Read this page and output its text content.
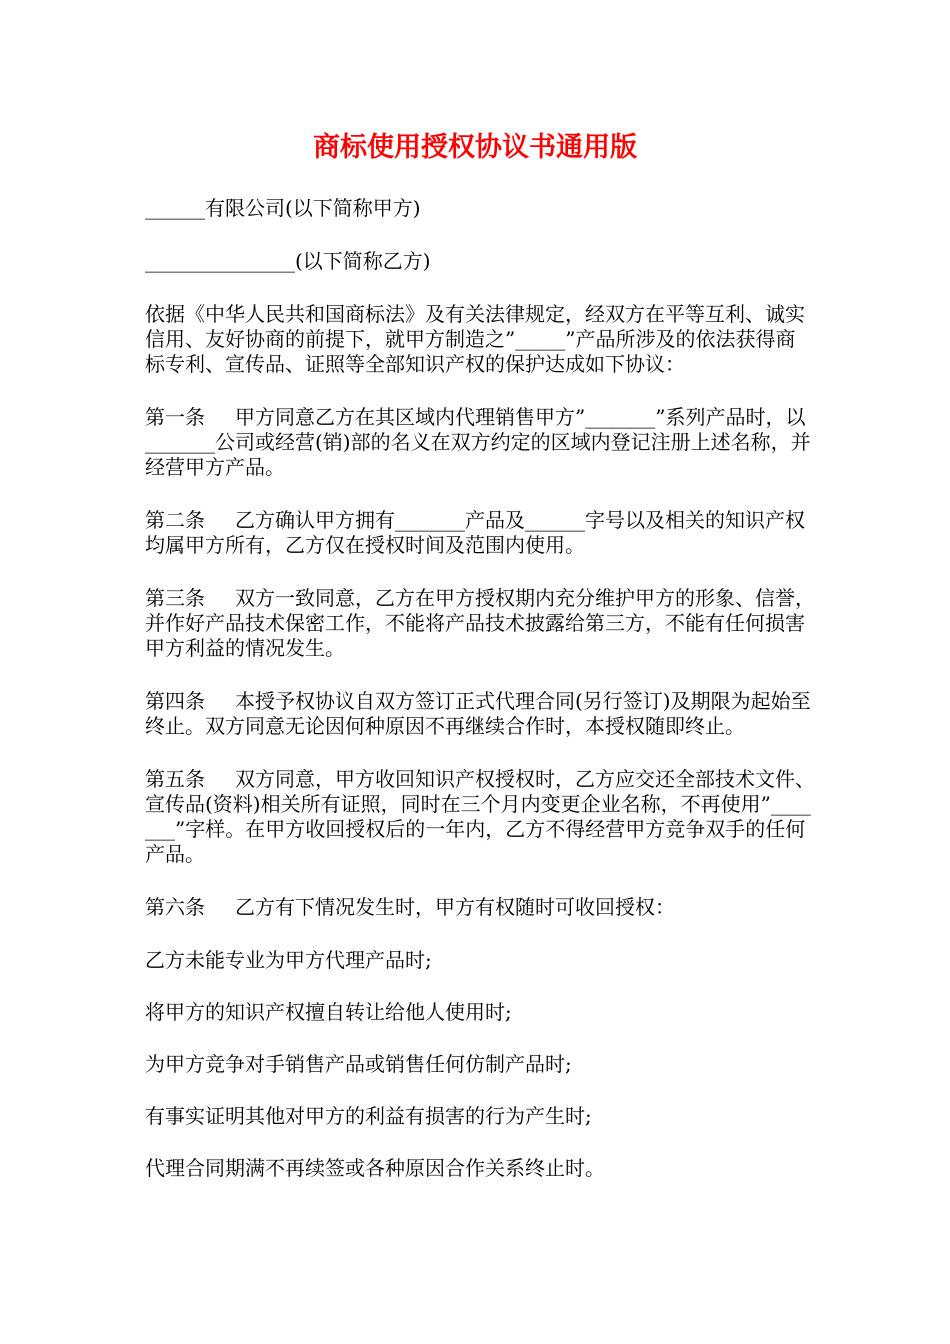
商标使用授权协议书通用版

______有限公司(以下简称甲方)

_______________(以下简称乙方)

依据《中华人民共和国商标法》及有关法律规定，经双方在平等互利、诚实信用、友好协商的前提下，就甲方制造之”_____”产品所涉及的依法获得商标专利、宣传品、证照等全部知识产权的保护达成如下协议：

第一条 甲方同意乙方在其区域内代理销售甲方”_______”系列产品时，以_______公司或经营(销)部的名义在双方约定的区域内登记注册上述名称，并经营甲方产品。

第二条 乙方确认甲方拥有_______产品及______字号以及相关的知识产权均属甲方所有，乙方仅在授权时间及范围内使用。

第三条 双方一致同意，乙方在甲方授权期内充分维护甲方的形象、信誉，并作好产品技术保密工作，不能将产品技术披露给第三方，不能有任何损害甲方利益的情况发生。

第四条 本授予权协议自双方签订正式代理合同(另行签订)及期限为起始至终止。双方同意无论因何种原因不再继续合作时，本授权随即终止。

第五条 双方同意，甲方收回知识产权授权时，乙方应交还全部技术文件、宣传品(资料)相关所有证照，同时在三个月内变更企业名称，不再使用”_______”字样。在甲方收回授权后的一年内，乙方不得经营甲方竞争双手的任何产品。

第六条 乙方有下情况发生时，甲方有权随时可收回授权：

乙方未能专业为甲方代理产品时;

将甲方的知识产权擅自转让给他人使用时;

为甲方竞争对手销售产品或销售任何仿制产品时;

有事实证明其他对甲方的利益有损害的行为产生时;

代理合同期满不再续签或各种原因合作关系终止时。
